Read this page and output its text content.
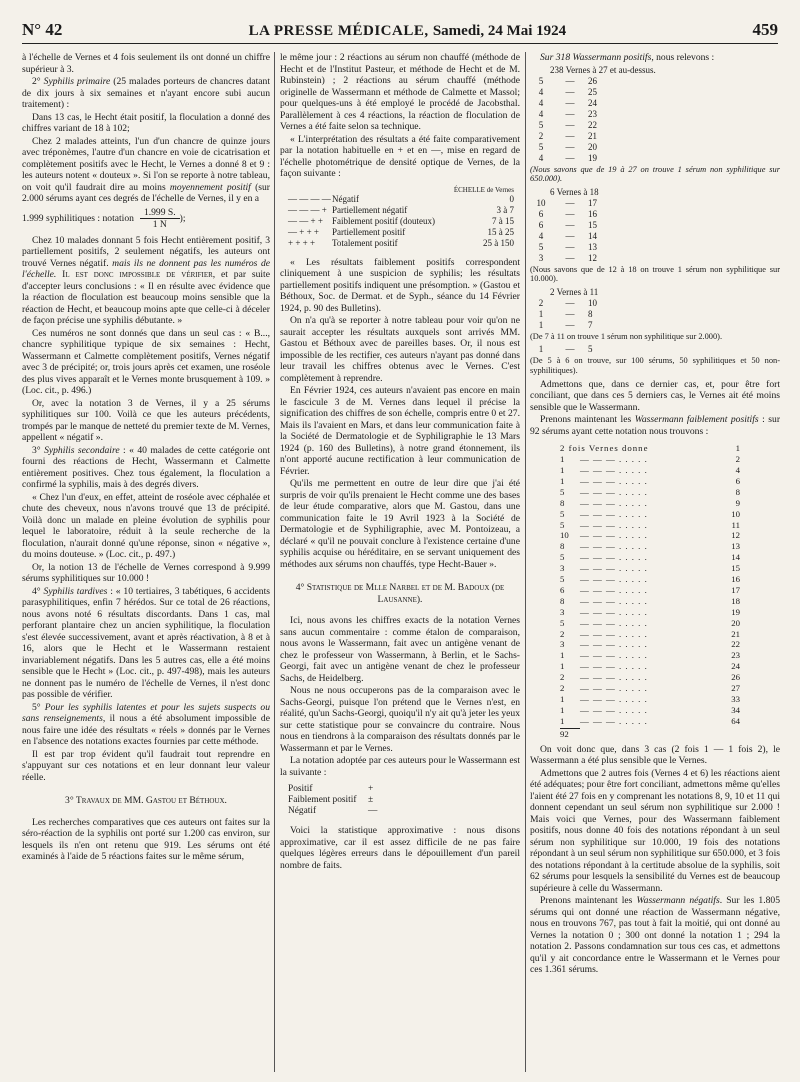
N° 42	LA PRESSE MÉDICALE, Samedi, 24 Mai 1924	459

à l'échelle de Vernes et 4 fois seulement ils ont donné un chiffre supérieur à 3.

2° Syphilis primaire (25 malades porteurs de chancres datant de dix jours à six semaines et n'ayant encore subi aucun traitement) :

Dans 13 cas, le Hecht était positif, la floculation a donné des chiffres variant de 18 à 102;

Chez 2 malades atteints, l'un d'un chancre de quinze jours avec tréponèmes, l'autre d'un chancre en voie de cicatrisation et complètement positifs avec le Hecht, le Vernes a donné 8 et 9 : les auteurs notent « douteux ». Si l'on se reporte à notre tableau, on voit qu'il faudrait dire au moins moyennement positif (sur 2.000 sérums ayant ces degrés de l'échelle de Vernes, il y en a

1.999 syphilitiques : notation $\frac{1.999 S.}{1 N}$ );

Chez 10 malades donnant 5 fois Hecht entièrement positif, 3 partiellement positifs, 2 seulement négatifs, les auteurs ont trouvé Vernes négatif. mais ils ne donnent pas les numéros de l'échelle. Il est donc impossible de vérifier, et par suite d'accepter leurs conclusions : « Il en résulte avec évidence que la réaction de floculation est beaucoup moins sensible que la réaction de Hecht, et beaucoup moins apte que celle-ci à déceler de façon précise une syphilis débutante. »

Ces numéros ne sont donnés que dans un seul cas : « B..., chancre syphilitique typique de six semaines : Hecht, Wassermann et Calmette complètement positifs, Vernes négatif avec 3 de précipité; or, trois jours après cet examen, une roséole des plus vives apparaît et le Vernes monte brusquement à 109. » (Loc. cit., p. 496.)

Or, avec la notation 3 de Vernes, il y a 25 sérums syphilitiques sur 100. Voilà ce que les auteurs précédents, trompés par le manque de netteté du premier texte de M. Vernes, appellent « négatif ».

3° Syphilis secondaire : « 40 malades de cette catégorie ont fourni des réactions de Hecht, Wassermann et Calmette entièrement positives. Chez tous également, la floculation a confirmé la syphilis, mais à des degrés divers.

« Chez l'un d'eux, en effet, atteint de roséole avec céphalée et chute des cheveux, nous n'avons trouvé que 13 de précipité. Voilà donc un malade en pleine évolution de syphilis pour lequel le laboratoire, réduit à la seule recherche de la floculation, n'aurait donné qu'une réponse, sinon « négative », du moins douteuse. » (Loc. cit., p. 497.)

Or, la notion 13 de l'échelle de Vernes correspond à 9.999 sérums syphilitiques sur 10.000 !

4° Syphilis tardives : « 10 tertiaires, 3 tabétiques, 6 accidents parasyphilitiques, enfin 7 hérédos. Sur ce total de 26 réactions, nous avons noté 6 résultats discordants. Dans 1 cas, mal perforant plantaire chez un ancien syphilitique, la floculation s'est élevée successivement, avant et après réactivation, à 8 et à 16, alors que le Hecht et le Wassermann restaient invariablement négatifs. Dans les 5 autres cas, elle a été moins sensible que le Hecht » (Loc. cit., p. 497-498), mais les auteurs ne donnent pas le numéro de l'échelle de Vernes, il n'est donc pas possible de vérifier.

5° Pour les syphilis latentes et pour les sujets suspects ou sans renseignements, il nous a été absolument impossible de nous faire une idée des résultats « réels » donnés par le Vernes en l'absence des notations exactes fournies par cette méthode.

Il est par trop évident qu'il faudrait tout reprendre en s'appuyant sur ces notations et en leur donnant leur valeur réelle.

3° Travaux de MM. Gastou et Béthoux.

Les recherches comparatives que ces auteurs ont faites sur la séro-réaction de la syphilis ont porté sur 1.200 cas environ, sur lesquels ils n'en ont retenu que 919. Les sérums ont été examinés à l'aide de 5 réactions faites sur le même sérum,

le même jour : 2 réactions au sérum non chauffé (méthode de Hecht et de l'Institut Pasteur, et méthode de Hecht et de M. Rubinstein) ; 2 réactions au sérum chauffé (méthode originelle de Wassermann et méthode de Calmette et Massol; pour quelques-uns à été employé le procédé de Jacobsthal. Parallèlement à ces 4 réactions, la réaction de floculation de Vernes a été faite selon sa technique.

« L'interprétation des résultats a été faite comparativement par la notation habituelle en + et en —, mise en regard de l'échelle photométrique de densité optique de Vernes, de la façon suivante :

ÉCHELLE de Vernes
— — — — Négatif	0
— — — + Partiellement négatif	3 à 7
— — + +	Faiblement positif (douteux)	7 à 15
— + + +	Partiellement positif	15 à 25
+ + + +	Totalement positif	25 à 150

« Les résultats faiblement positifs correspondent cliniquement à une suspicion de syphilis; les résultats partiellement positifs indiquent une présomption. » (Gastou et Béthoux, Soc. de Dermat. et de Syph., séance du 14 Février 1924, p. 90 des Bulletins).

On n'a qu'à se reporter à notre tableau pour voir qu'on ne saurait accepter les résultats auxquels sont arrivés MM. Gastou et Béthoux avec de pareilles bases. Or, il nous est impossible de les rectifier, ces auteurs n'ayant pas donné dans leur travail les chiffres obtenus avec le Vernes. C'est complètement à reprendre.

En Février 1924, ces auteurs n'avaient pas encore en main le fascicule 3 de M. Vernes dans lequel il précise la signification des chiffres de son échelle, compris entre 0 et 27. Mais ils l'avaient en Mars, et dans leur communication faite à la Société de Dermatologie et de Syphiligraphie le 13 Mars 1924 (p. 160 des Bulletins), à notre grand étonnement, ils n'ont apporté aucune rectification à leur communication de Février.

Qu'ils me permettent en outre de leur dire que j'ai été surpris de voir qu'ils prenaient le Hecht comme une des bases de leur étude comparative, alors que M. Gastou, dans une communication faite le 19 Avril 1923 à la Société de Dermatologie et de Syphiligraphie, avec M. Pontoizeau, a déclaré « qu'il ne pouvait conclure à l'existence certaine d'une syphilis acquise ou héréditaire, en se servant uniquement des méthodes aux sérums non chauffés, type Hecht-Bauer ».

4° Statistique de Mlle Narbel et de M. Badoux (de Lausanne).

Ici, nous avons les chiffres exacts de la notation Vernes sans aucun commentaire : comme étalon de comparaison, nous avons le Wassermann, fait avec un antigène venant de chez le professeur von Wassermann, à Berlin, et le Sachs-Georgi, fait avec un antigène venant de chez le professeur Sachs, de Heidelberg.

Nous ne nous occuperons pas de la comparaison avec le Sachs-Georgi, puisque l'on prétend que le Vernes n'est, en réalité, qu'un Sachs-Georgi, quoiqu'il n'y ait qu'à jeter les yeux sur cette statistique pour se convaincre du contraire. Nous nous en tiendrons à la comparaison des résultats donnés par le Wassermann et par le Vernes.

La notation adoptée par ces auteurs pour le Wassermann est la suivante :

Positif	+
Faiblement positif	±
Négatif	—

Voici la statistique approximative : nous disons approximative, car il est assez difficile de ne pas faire quelques légères erreurs dans le dépouillement d'un pareil nombre de faits.

Sur 318 Wassermann positifs, nous relevons :

238 Vernes à 27 et au-dessus.
5	—	26
4	—	25
4	—	24
4	—	23
5	—	22
2	—	21
5	—	20
4	—	19

(Nous savons que de 19 à 27 on trouve 1 sérum non syphilitique sur 650.000).

6 Vernes à 18
10	—	17
6	—	16
6	—	15
4	—	14
5	—	13
3	—	12

(Nous savons que de 12 à 18 on trouve 1 sérum non syphilitique sur 10.000).

2 Vernes à 11
2	—	10
1	—	8
1	—	7

(De 7 à 11 on trouve 1 sérum non syphilitique sur 2.000).

1	—	5

(De 5 à 6 on trouve, sur 100 sérums, 50 syphilitiques et 50 non-syphilitiques).

Admettons que, dans ce dernier cas, et, pour être fort conciliant, que dans ces 5 derniers cas, le Vernes ait été moins sensible que le Wassermann.

Prenons maintenant les Wassermann faiblement positifs : sur 92 sérums ayant cette notation nous trouvons :

2 fois Vernes donne	1
1	— — — . . . . .	2
1	— — — . . . . .	4
1	— — — . . . . .	6
5	— — — . . . . .	8
8	— — — . . . . .	9
5	— — — . . . . .	10
5	— — — . . . . .	11
10	— — — . . . . .	12
8	— — — . . . . .	13
5	— — — . . . . .	14
3	— — — . . . . .	15
5	— — — . . . . .	16
6	— — — . . . . .	17
8	— — — . . . . .	18
3	— — — . . . . .	19
5	— — — . . . . .	20
2	— — — . . . . .	21
3	— — — . . . . .	22
1	— — — . . . . .	23
1	— — — . . . . .	24
2	— — — . . . . .	26
2	— — — . . . . .	27
1	— — — . . . . .	33
1	— — — . . . . .	34
1	— — — . . . . .	64
92

On voit donc que, dans 3 cas (2 fois 1 — 1 fois 2), le Wassermann a été plus sensible que le Vernes.

Admettons que 2 autres fois (Vernes 4 et 6) les réactions aient été adéquates; pour être fort conciliant, admettons même qu'elles l'aient été 27 fois en y comprenant les notations 8, 9, 10 et 11 qui donnent cependant un seul sérum non syphilitique sur 2.000 ! Mais voici que Vernes, pour des Wassermann faiblement positifs, nous donne 40 fois des notations répondant à un seul sérum non syphilitique sur 10.000, 19 fois des notations répondant à un seul sérum non syphilitique sur 650.000, et 3 fois des notations répondant à la certitude absolue de la syphilis, soit 62 sérums pour lesquels la sensibilité du Vernes est de beaucoup supérieure à celle du Wassermann.

Prenons maintenant les Wassermann négatifs. Sur les 1.805 sérums qui ont donné une réaction de Wassermann négative, nous en trouvons 767, pas tout à fait la moitié, qui ont donné au Vernes la notation 0 ; 300 ont donné la notation 1 ; 294 la notation 2. Passons condamnation sur tous ces cas, et admettons qu'il y ait concordance entre le Wassermann et le Vernes pour ces 1.361 sérums.
